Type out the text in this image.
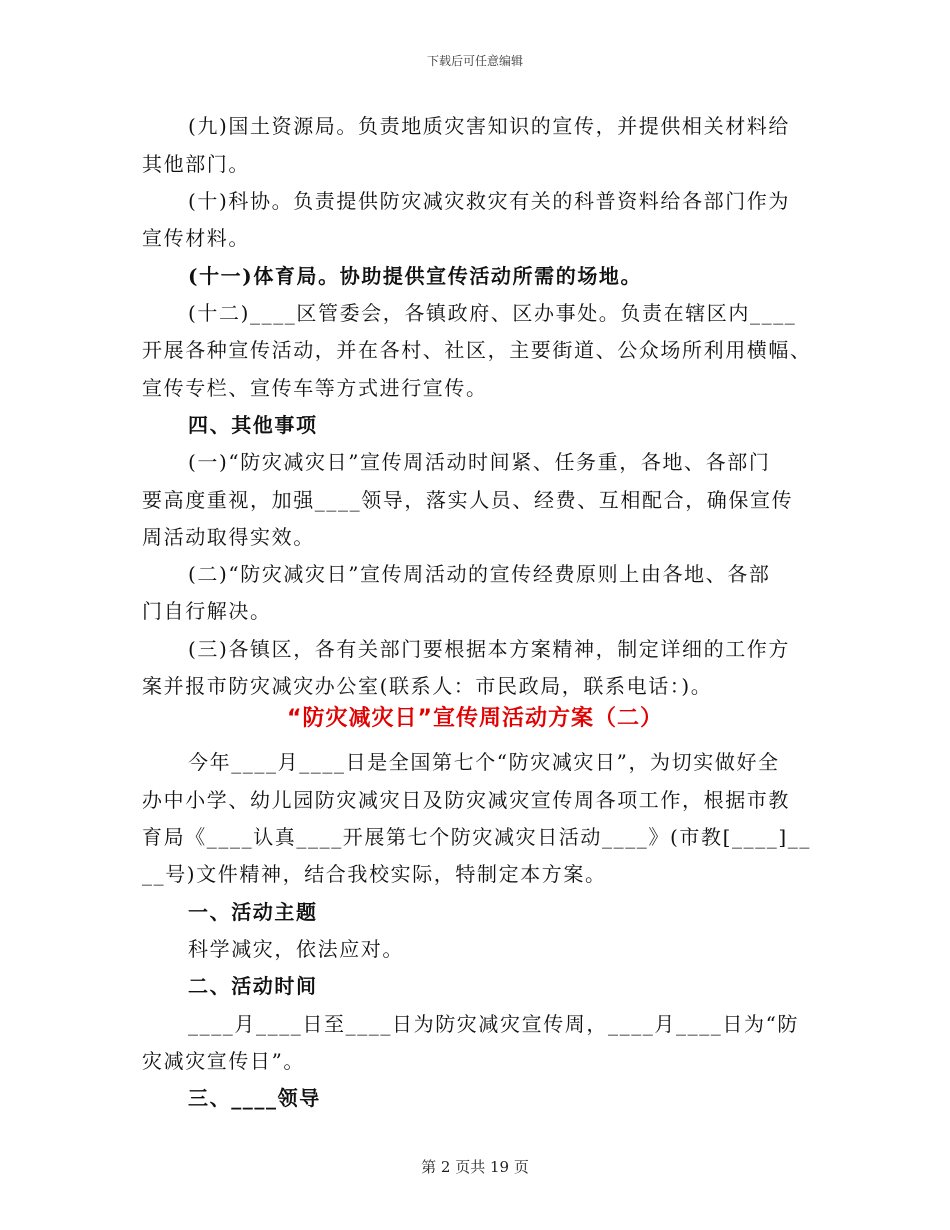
下载后可任意编辑
(九)国土资源局。负责地质灾害知识的宣传，并提供相关材料给
其他部门。
(十)科协。负责提供防灾减灾救灾有关的科普资料给各部门作为
宣传材料。
(十一)体育局。协助提供宣传活动所需的场地。
(十二)____区管委会，各镇政府、区办事处。负责在辖区内____
开展各种宣传活动，并在各村、社区，主要街道、公众场所利用横幅、
宣传专栏、宣传车等方式进行宣传。
四、其他事项
(一)“防灾减灾日”宣传周活动时间紧、任务重，各地、各部门
要高度重视，加强____领导，落实人员、经费、互相配合，确保宣传
周活动取得实效。
(二)“防灾减灾日”宣传周活动的宣传经费原则上由各地、各部
门自行解决。
(三)各镇区，各有关部门要根据本方案精神，制定详细的工作方
案并报市防灾减灾办公室(联系人：市民政局，联系电话：)。
“防灾减灾日”宣传周活动方案（二）
今年____月____日是全国第七个“防灾减灾日”，为切实做好全
办中小学、幼儿园防灾减灾日及防灾减灾宣传周各项工作，根据市教
育局《____认真____开展第七个防灾减灾日活动____》(市教[____]__
__号)文件精神，结合我校实际，特制定本方案。
一、活动主题
科学减灾，依法应对。
二、活动时间
____月____日至____日为防灾减灾宣传周，____月____日为“防
灾减灾宣传日”。
三、____领导
第 2 页共 19 页
